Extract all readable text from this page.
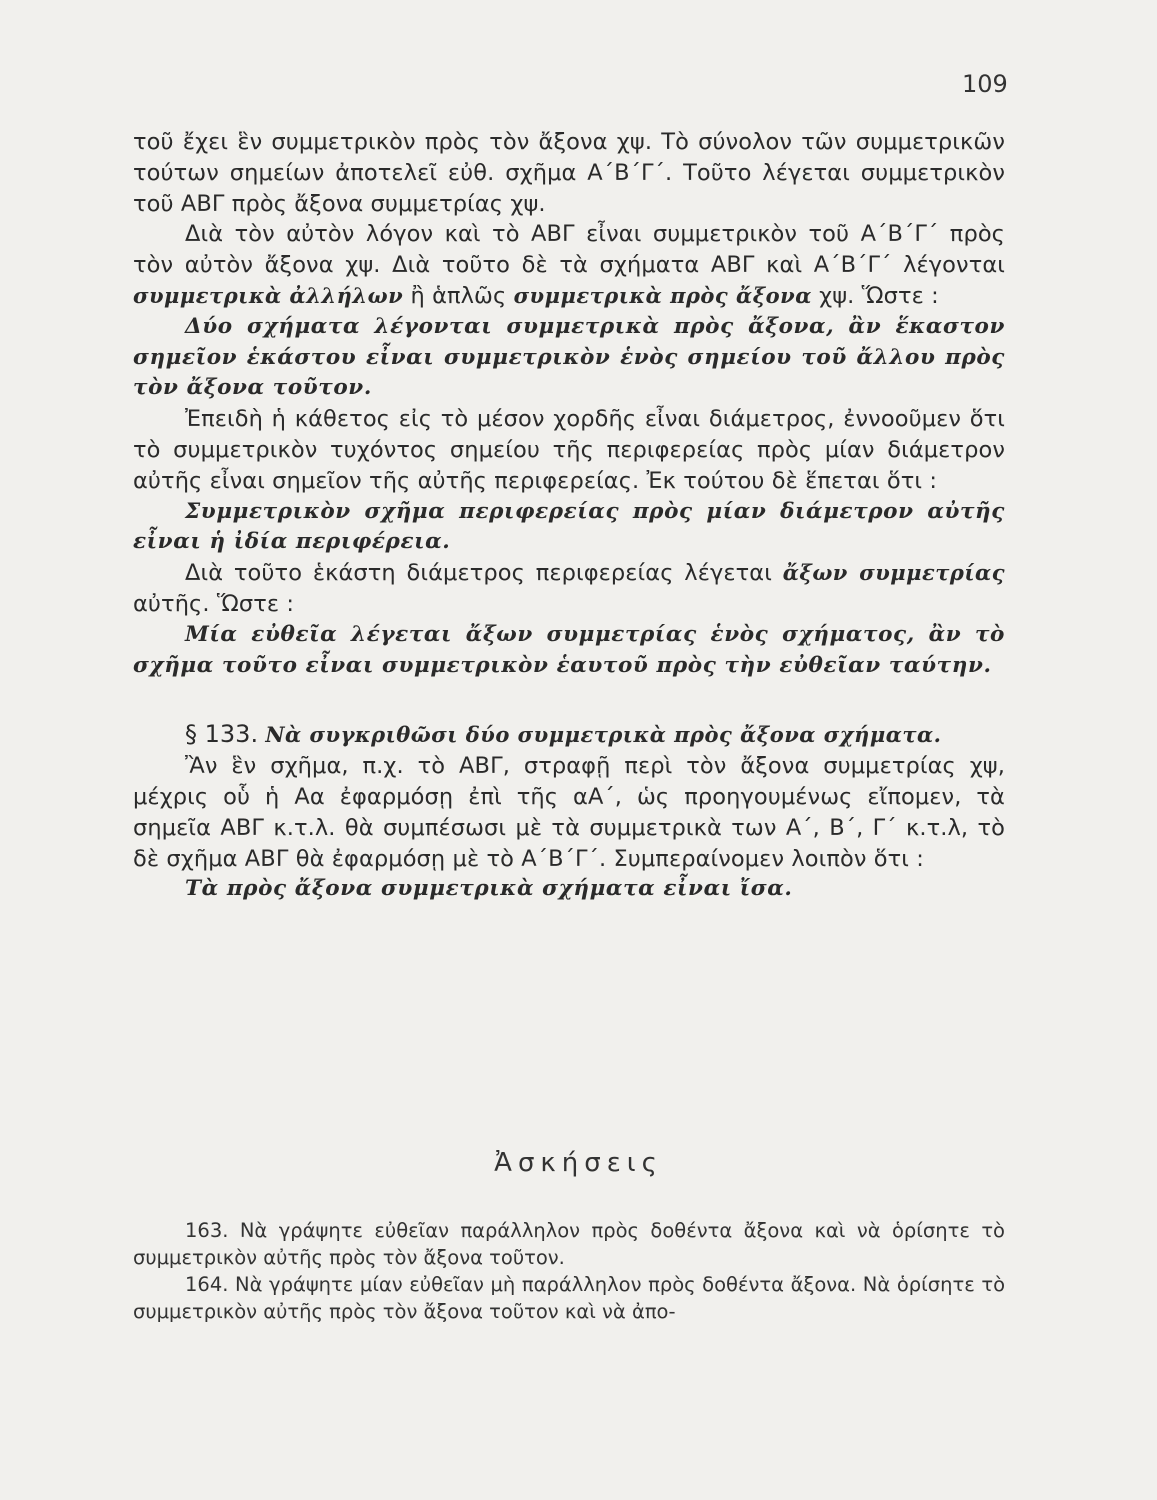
109

τοῦ ἔχει ἓν συμμετρικὸν πρὸς τὸν ἄξονα χψ. Τὸ σύνολον τῶν συμμετρικῶν τούτων σημείων ἀποτελεῖ εὐθ. σχῆμα Α΄Β΄Γ΄. Τοῦτο λέγεται συμμετρικὸν τοῦ ΑΒΓ πρὸς ἄξονα συμμετρίας χψ.

Διὰ τὸν αὐτὸν λόγον καὶ τὸ ΑΒΓ εἶναι συμμετρικὸν τοῦ Α΄Β΄Γ΄ πρὸς τὸν αὐτὸν ἄξονα χψ. Διὰ τοῦτο δὲ τὰ σχήματα ΑΒΓ καὶ Α΄Β΄Γ΄ λέγονται συμμετρικὰ ἀλλήλων ἢ ἁπλῶς συμμετρικὰ πρὸς ἄξονα χψ. Ὥστε :

Δύο σχήματα λέγονται συμμετρικὰ πρὸς ἄξονα, ἂν ἕκαστον σημεῖον ἑκάστου εἶναι συμμετρικὸν ἑνὸς σημείου τοῦ ἄλλου πρὸς τὸν ἄξονα τοῦτον.

Ἐπειδὴ ἡ κάθετος εἰς τὸ μέσον χορδῆς εἶναι διάμετρος, ἐννοοῦμεν ὅτι τὸ συμμετρικὸν τυχόντος σημείου τῆς περιφερείας πρὸς μίαν διάμετρον αὐτῆς εἶναι σημεῖον τῆς αὐτῆς περιφερείας. Ἐκ τούτου δὲ ἕπεται ὅτι :

Συμμετρικὸν σχῆμα περιφερείας πρὸς μίαν διάμετρον αὐτῆς εἶναι ἡ ἰδία περιφέρεια.

Διὰ τοῦτο ἑκάστη διάμετρος περιφερείας λέγεται ἄξων συμμετρίας αὐτῆς. Ὥστε :

Μία εὐθεῖα λέγεται ἄξων συμμετρίας ἑνὸς σχήματος, ἂν τὸ σχῆμα τοῦτο εἶναι συμμετρικὸν ἑαυτοῦ πρὸς τὴν εὐθεῖαν ταύτην.

§ 133. Νὰ συγκριθῶσι δύο συμμετρικὰ πρὸς ἄξονα σχήματα.

Ἂν ἓν σχῆμα, π.χ. τὸ ΑΒΓ, στραφῇ περὶ τὸν ἄξονα συμμετρίας χψ, μέχρις οὗ ἡ Αα ἐφαρμόσῃ ἐπὶ τῆς αΑ΄, ὡς προηγουμένως εἴπομεν, τὰ σημεῖα ΑΒΓ κ.τ.λ. θὰ συμπέσωσι μὲ τὰ συμμετρικὰ των Α΄, Β΄, Γ΄ κ.τ.λ, τὸ δὲ σχῆμα ΑΒΓ θὰ ἐφαρμόσῃ μὲ τὸ Α΄Β΄Γ΄. Συμπεραίνομεν λοιπὸν ὅτι :

Τὰ πρὸς ἄξονα συμμετρικὰ σχήματα εἶναι ἴσα.

Ἀσκήσεις

163. Νὰ γράψητε εὐθεῖαν παράλληλον πρὸς δοθέντα ἄξονα καὶ νὰ ὁρίσητε τὸ συμμετρικὸν αὐτῆς πρὸς τὸν ἄξονα τοῦτον.

164. Νὰ γράψητε μίαν εὐθεῖαν μὴ παράλληλον πρὸς δοθέντα ἄξονα. Νὰ ὁρίσητε τὸ συμμετρικὸν αὐτῆς πρὸς τὸν ἄξονα τοῦτον καὶ νὰ ἀπο-
